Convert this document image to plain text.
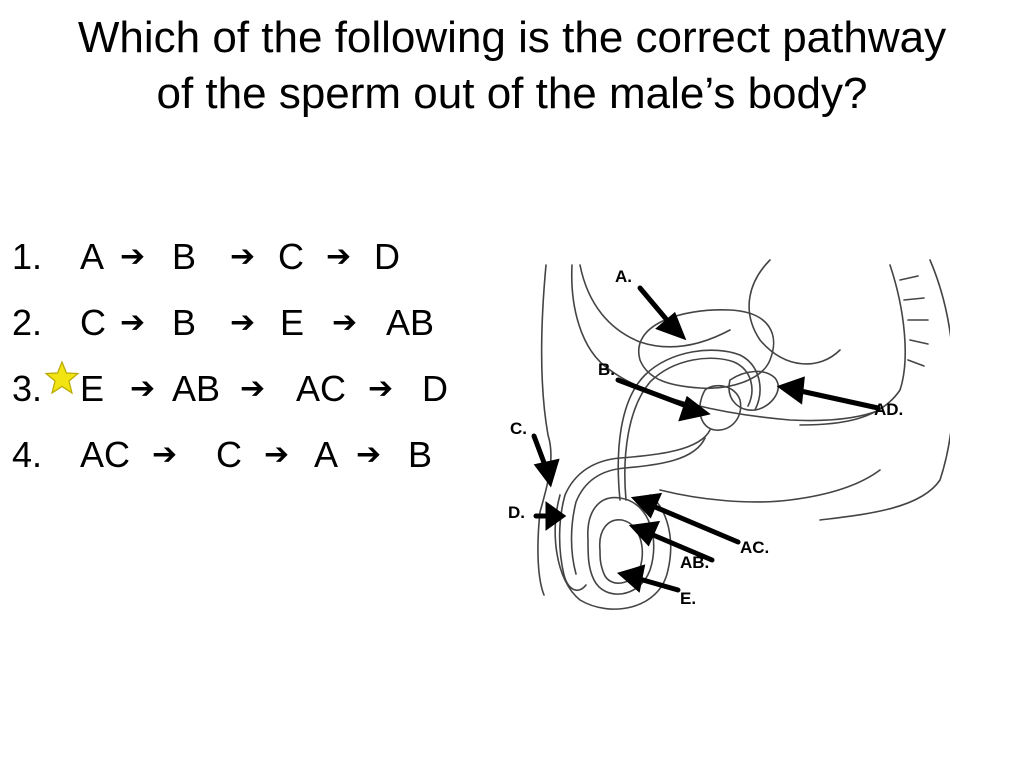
Which of the following is the correct pathway
of the sperm out of the male’s body?
1. A ➔ B ➔ C ➔ D
2. C ➔ B ➔ E ➔ AB
3. E ➔ AB ➔ AC ➔ D
4. AC ➔ C ➔ A ➔ B
A.
B.
C.
D.
AD.
AC.
AB.
E.
